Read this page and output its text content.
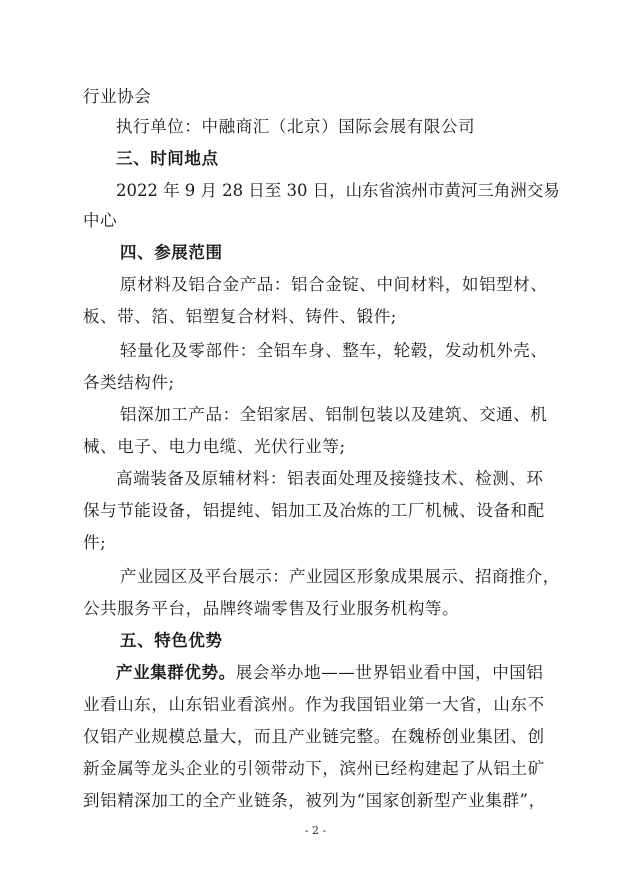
行业协会
执行单位：中融商汇（北京）国际会展有限公司
三、时间地点
2022 年 9 月 28 日至 30 日，山东省滨州市黄河三角洲交易
中心
四、参展范围
原材料及铝合金产品：铝合金锭、中间材料，如铝型材、
板、带、箔、铝塑复合材料、铸件、锻件;
轻量化及零部件：全铝车身、整车，轮毂，发动机外壳、
各类结构件;
铝深加工产品：全铝家居、铝制包装以及建筑、交通、机
械、电子、电力电缆、光伏行业等;
高端装备及原辅材料：铝表面处理及接缝技术、检测、环
保与节能设备，铝提纯、铝加工及冶炼的工厂机械、设备和配
件;
产业园区及平台展示：产业园区形象成果展示、招商推介，
公共服务平台，品牌终端零售及行业服务机构等。
五、特色优势
产业集群优势。展会举办地——世界铝业看中国，中国铝
业看山东，山东铝业看滨州。作为我国铝业第一大省，山东不
仅铝产业规模总量大，而且产业链完整。在魏桥创业集团、创
新金属等龙头企业的引领带动下，滨州已经构建起了从铝土矿
到铝精深加工的全产业链条，被列为“国家创新型产业集群”，
- 2 -
